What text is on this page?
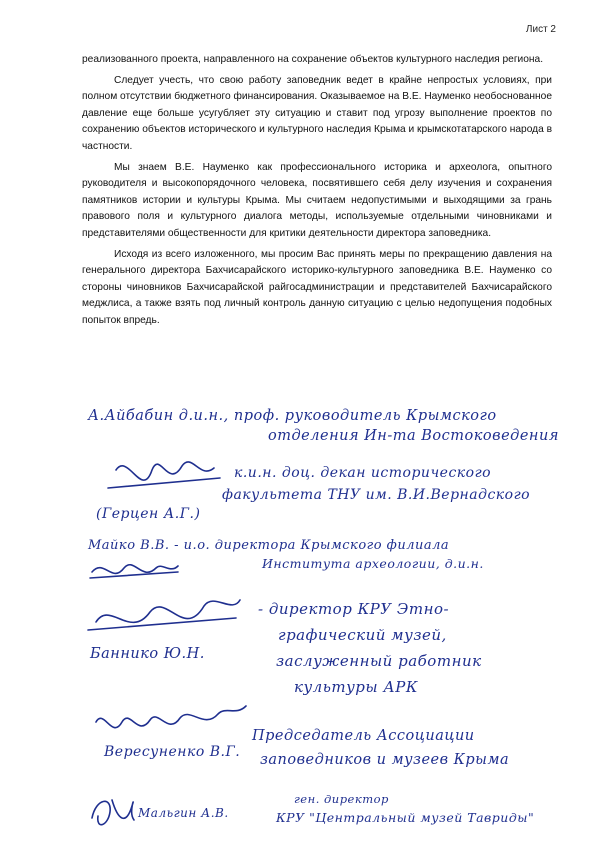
Лист 2

реализованного проекта, направленного на сохранение объектов культурного наследия региона.

Следует учесть, что свою работу заповедник ведет в крайне непростых условиях, при полном отсутствии бюджетного финансирования. Оказываемое на В.Е. Науменко необоснованное давление еще больше усугубляет эту ситуацию и ставит под угрозу выполнение проектов по сохранению объектов исторического и культурного наследия Крыма и крымскотатарского народа в частности.

Мы знаем В.Е. Науменко как профессионального историка и археолога, опытного руководителя и высокопорядочного человека, посвятившего себя делу изучения и сохранения памятников истории и культуры Крыма. Мы считаем недопустимыми и выходящими за грань правового поля и культурного диалога методы, используемые отдельными чиновниками и представителями общественности для критики деятельности директора заповедника.

Исходя из всего изложенного, мы просим Вас принять меры по прекращению давления на генерального директора Бахчисарайского историко-культурного заповедника В.Е. Науменко со стороны чиновников Бахчисарайской райгосадминистрации и представителей Бахчисарайского меджлиса, а также взять под личный контроль данную ситуацию с целью недопущения подобных попыток впредь.

А.Айбабин д.и.н., проф. руководитель Крымского
отделения Ин-та Востоковедения
к.и.н. доц. декан исторического
факультета ТНУ им. В.И.Вернадского
(Герцен А.Г.)
Майко В.В. - и.о. директора Крымского филиала
Института археологии, д.и.н.
- директор КРУ Этно-
графический музей,
заслуженный работник
культуры АРК
Баннико Ю.Н.
Председатель Ассоциации
заповедников и музеев Крыма
Вересуненко В.Г.
Мальгин А.В.
ген. директор
КРУ "Центральный музей Тавриды"
